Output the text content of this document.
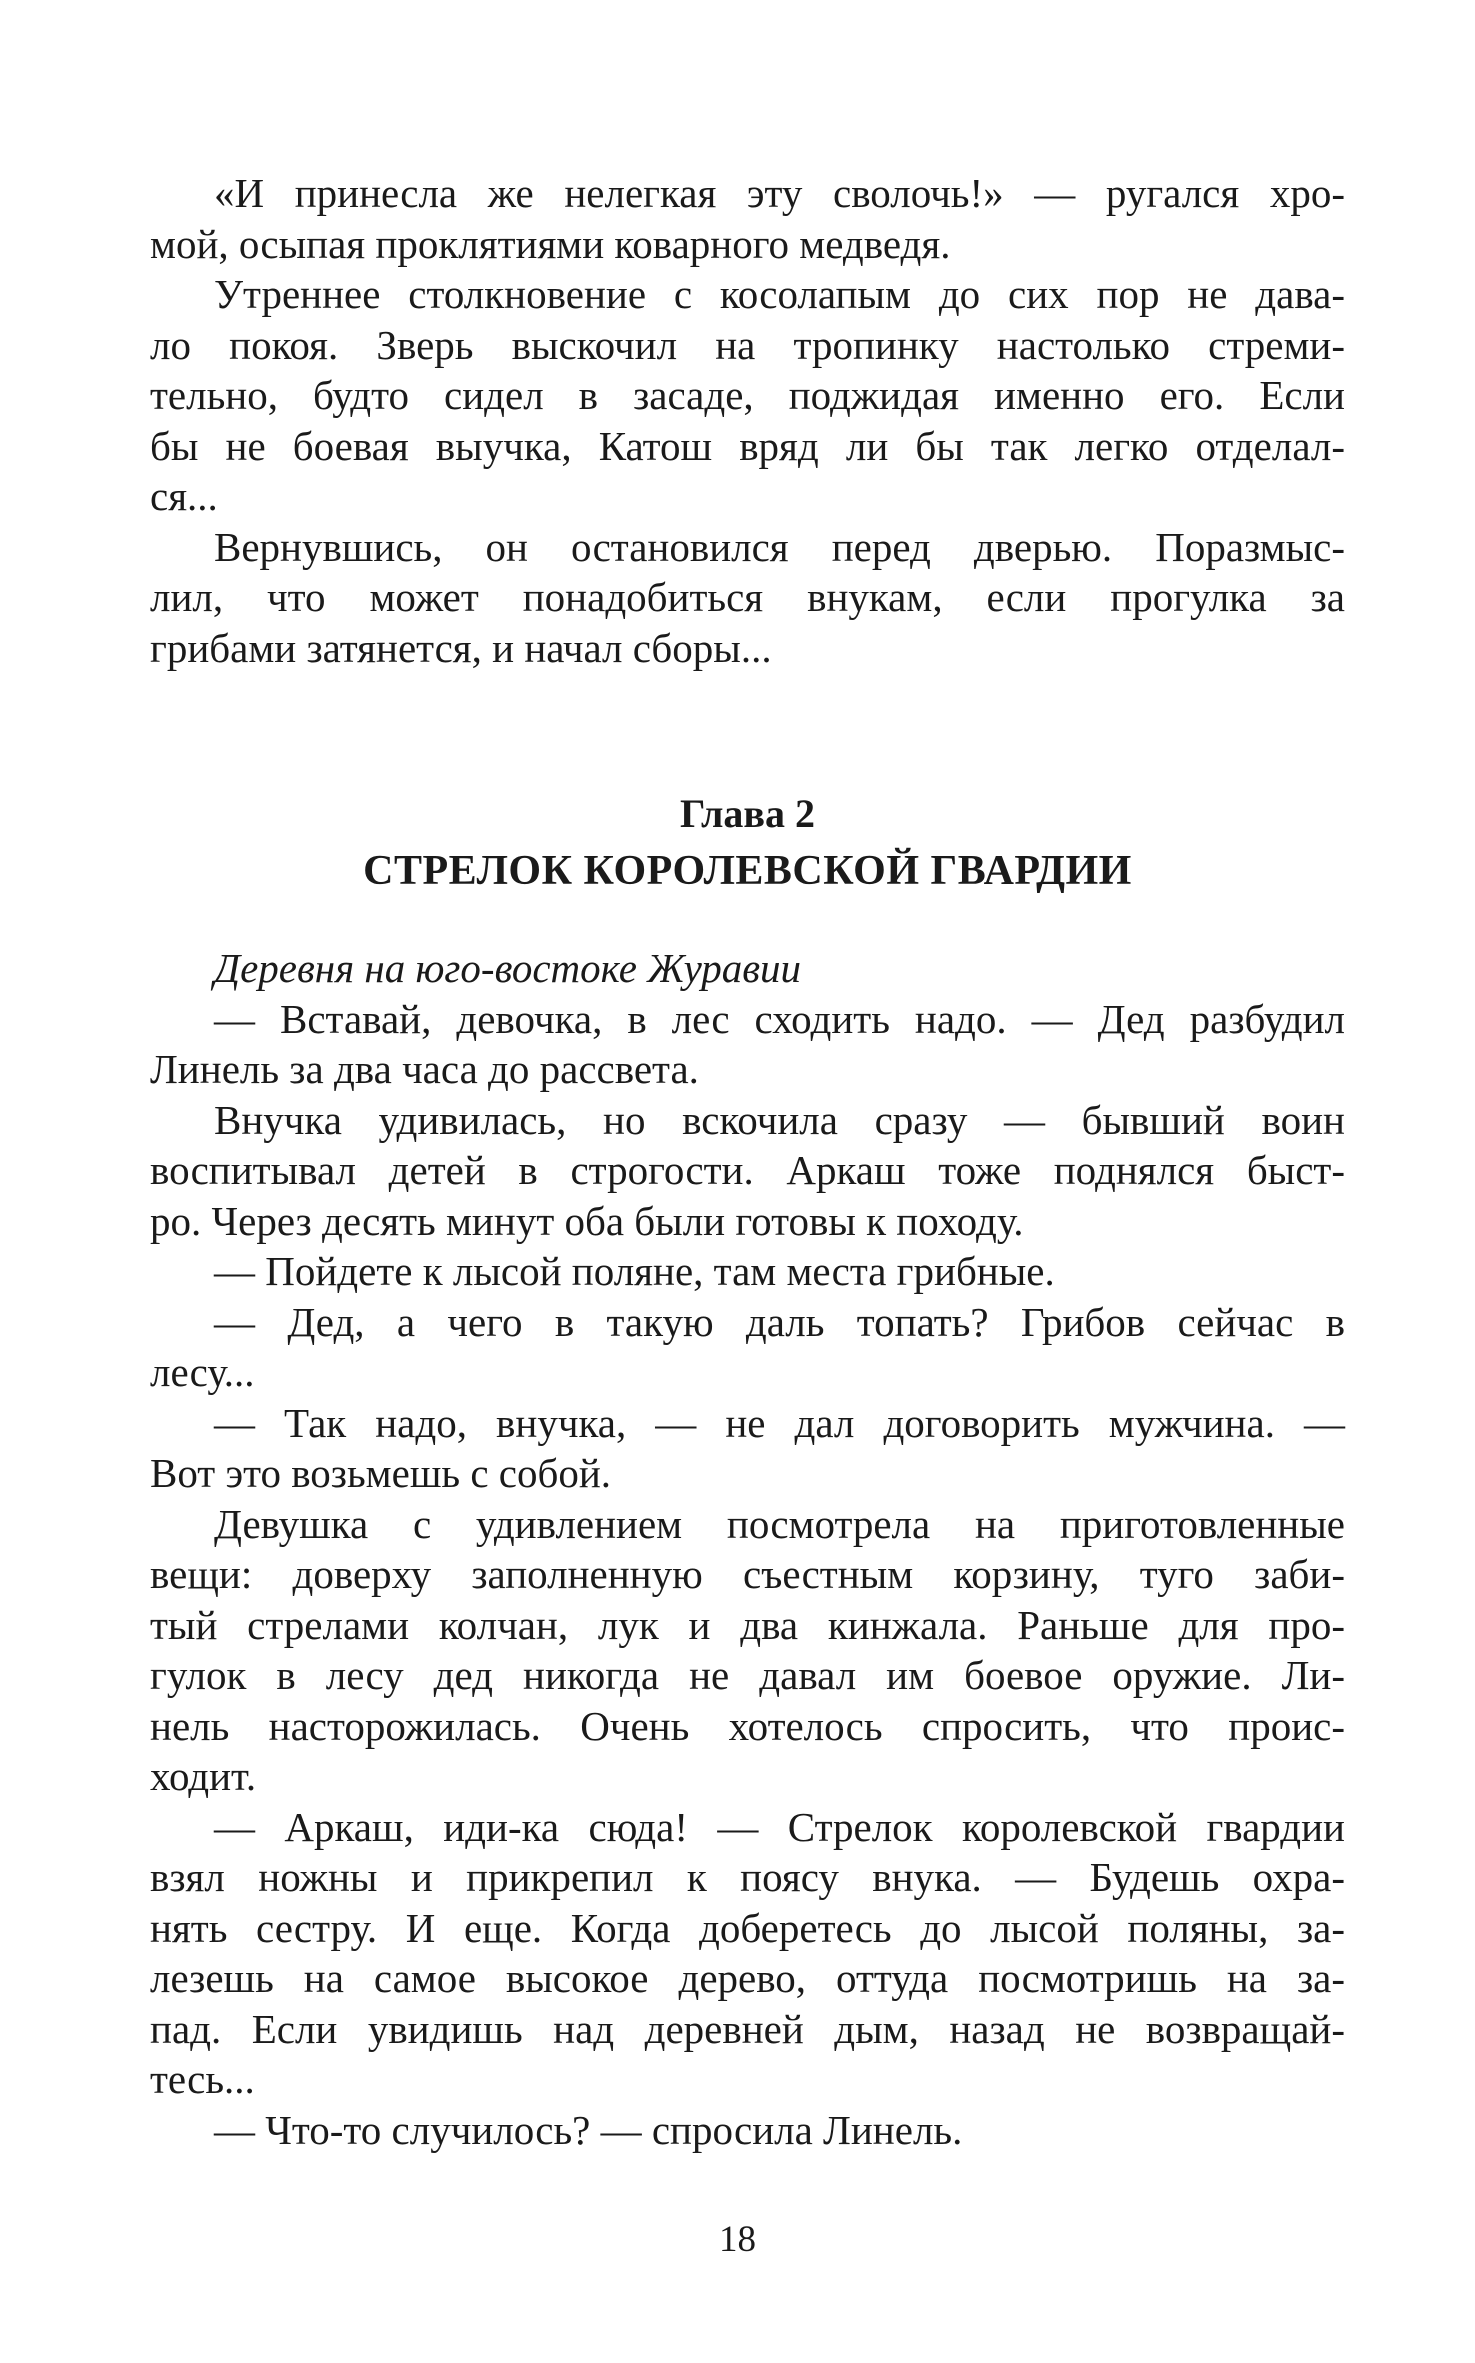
«И принесла же нелегкая эту сволочь!» — ругался хро-
мой, осыпая проклятиями коварного медведя.
Утреннее столкновение с косолапым до сих пор не дава-
ло покоя. Зверь выскочил на тропинку настолько стреми-
тельно, будто сидел в засаде, поджидая именно его. Если
бы не боевая выучка, Катош вряд ли бы так легко отделал-
ся...
Вернувшись, он остановился перед дверью. Поразмыс-
лил, что может понадобиться внукам, если прогулка за
грибами затянется, и начал сборы...
Глава 2
СТРЕЛОК КОРОЛЕВСКОЙ ГВАРДИИ
Деревня на юго-востоке Журавии
— Вставай, девочка, в лес сходить надо. — Дед разбудил
Линель за два часа до рассвета.
Внучка удивилась, но вскочила сразу — бывший воин
воспитывал детей в строгости. Аркаш тоже поднялся быст-
ро. Через десять минут оба были готовы к походу.
— Пойдете к лысой поляне, там места грибные.
— Дед, а чего в такую даль топать? Грибов сейчас в
лесу...
— Так надо, внучка, — не дал договорить мужчина. —
Вот это возьмешь с собой.
Девушка с удивлением посмотрела на приготовленные
вещи: доверху заполненную съестным корзину, туго заби-
тый стрелами колчан, лук и два кинжала. Раньше для про-
гулок в лесу дед никогда не давал им боевое оружие. Ли-
нель насторожилась. Очень хотелось спросить, что проис-
ходит.
— Аркаш, иди-ка сюда! — Стрелок королевской гвардии
взял ножны и прикрепил к поясу внука. — Будешь охра-
нять сестру. И еще. Когда доберетесь до лысой поляны, за-
лезешь на самое высокое дерево, оттуда посмотришь на за-
пад. Если увидишь над деревней дым, назад не возвращай-
тесь...
— Что-то случилось? — спросила Линель.
18
